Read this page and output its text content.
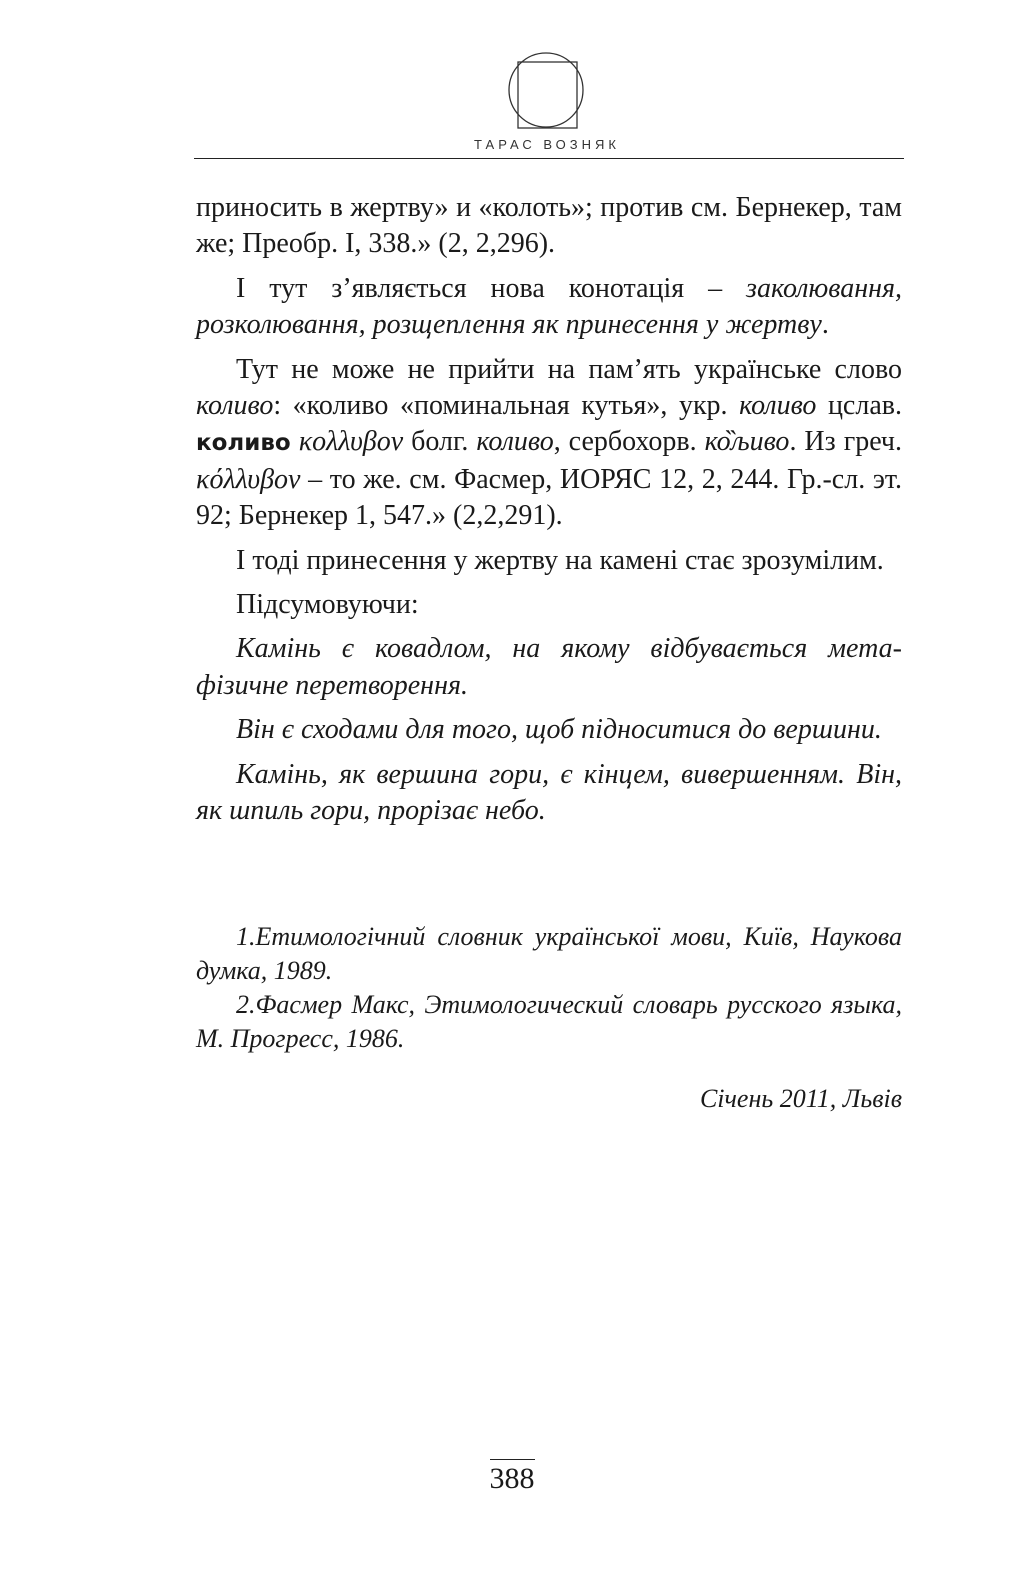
ТАРАС ВОЗНЯК

приносить в жертву» и «колоть»; против см. Бернекер, там же; Преобр. I, 338.» (2, 2,296).

І тут з’являється нова конотація – заколювання, розколювання, розщеплення як принесення у жертву.

Тут не може не прийти на пам’ять українське слово коливо: «коливо «поминальная кутья», укр. коливо цслав. коливо κολλυβον болг. коливо, сербохорв. ко̏љиво. Из греч. κόλλυβον – то же. см. Фасмер, ИОРЯС 12, 2, 244. Гр.-сл. эт. 92; Бернекер 1, 547.» (2,2,291).

І тоді принесення у жертву на камені стає зрозумілим.

Підсумовуючи:

Камінь є ковадлом, на якому відбувається мета-фізичне перетворення.

Він є сходами для того, щоб підноситися до вершини.

Камінь, як вершина гори, є кінцем, вивершенням. Він, як шпиль гори, прорізає небо.

1.Етимологічний словник української мови, Київ, Наукова думка, 1989.

2.Фасмер Макс, Этимологический словарь русского языка, М. Прогресс, 1986.

Січень 2011, Львів
388
